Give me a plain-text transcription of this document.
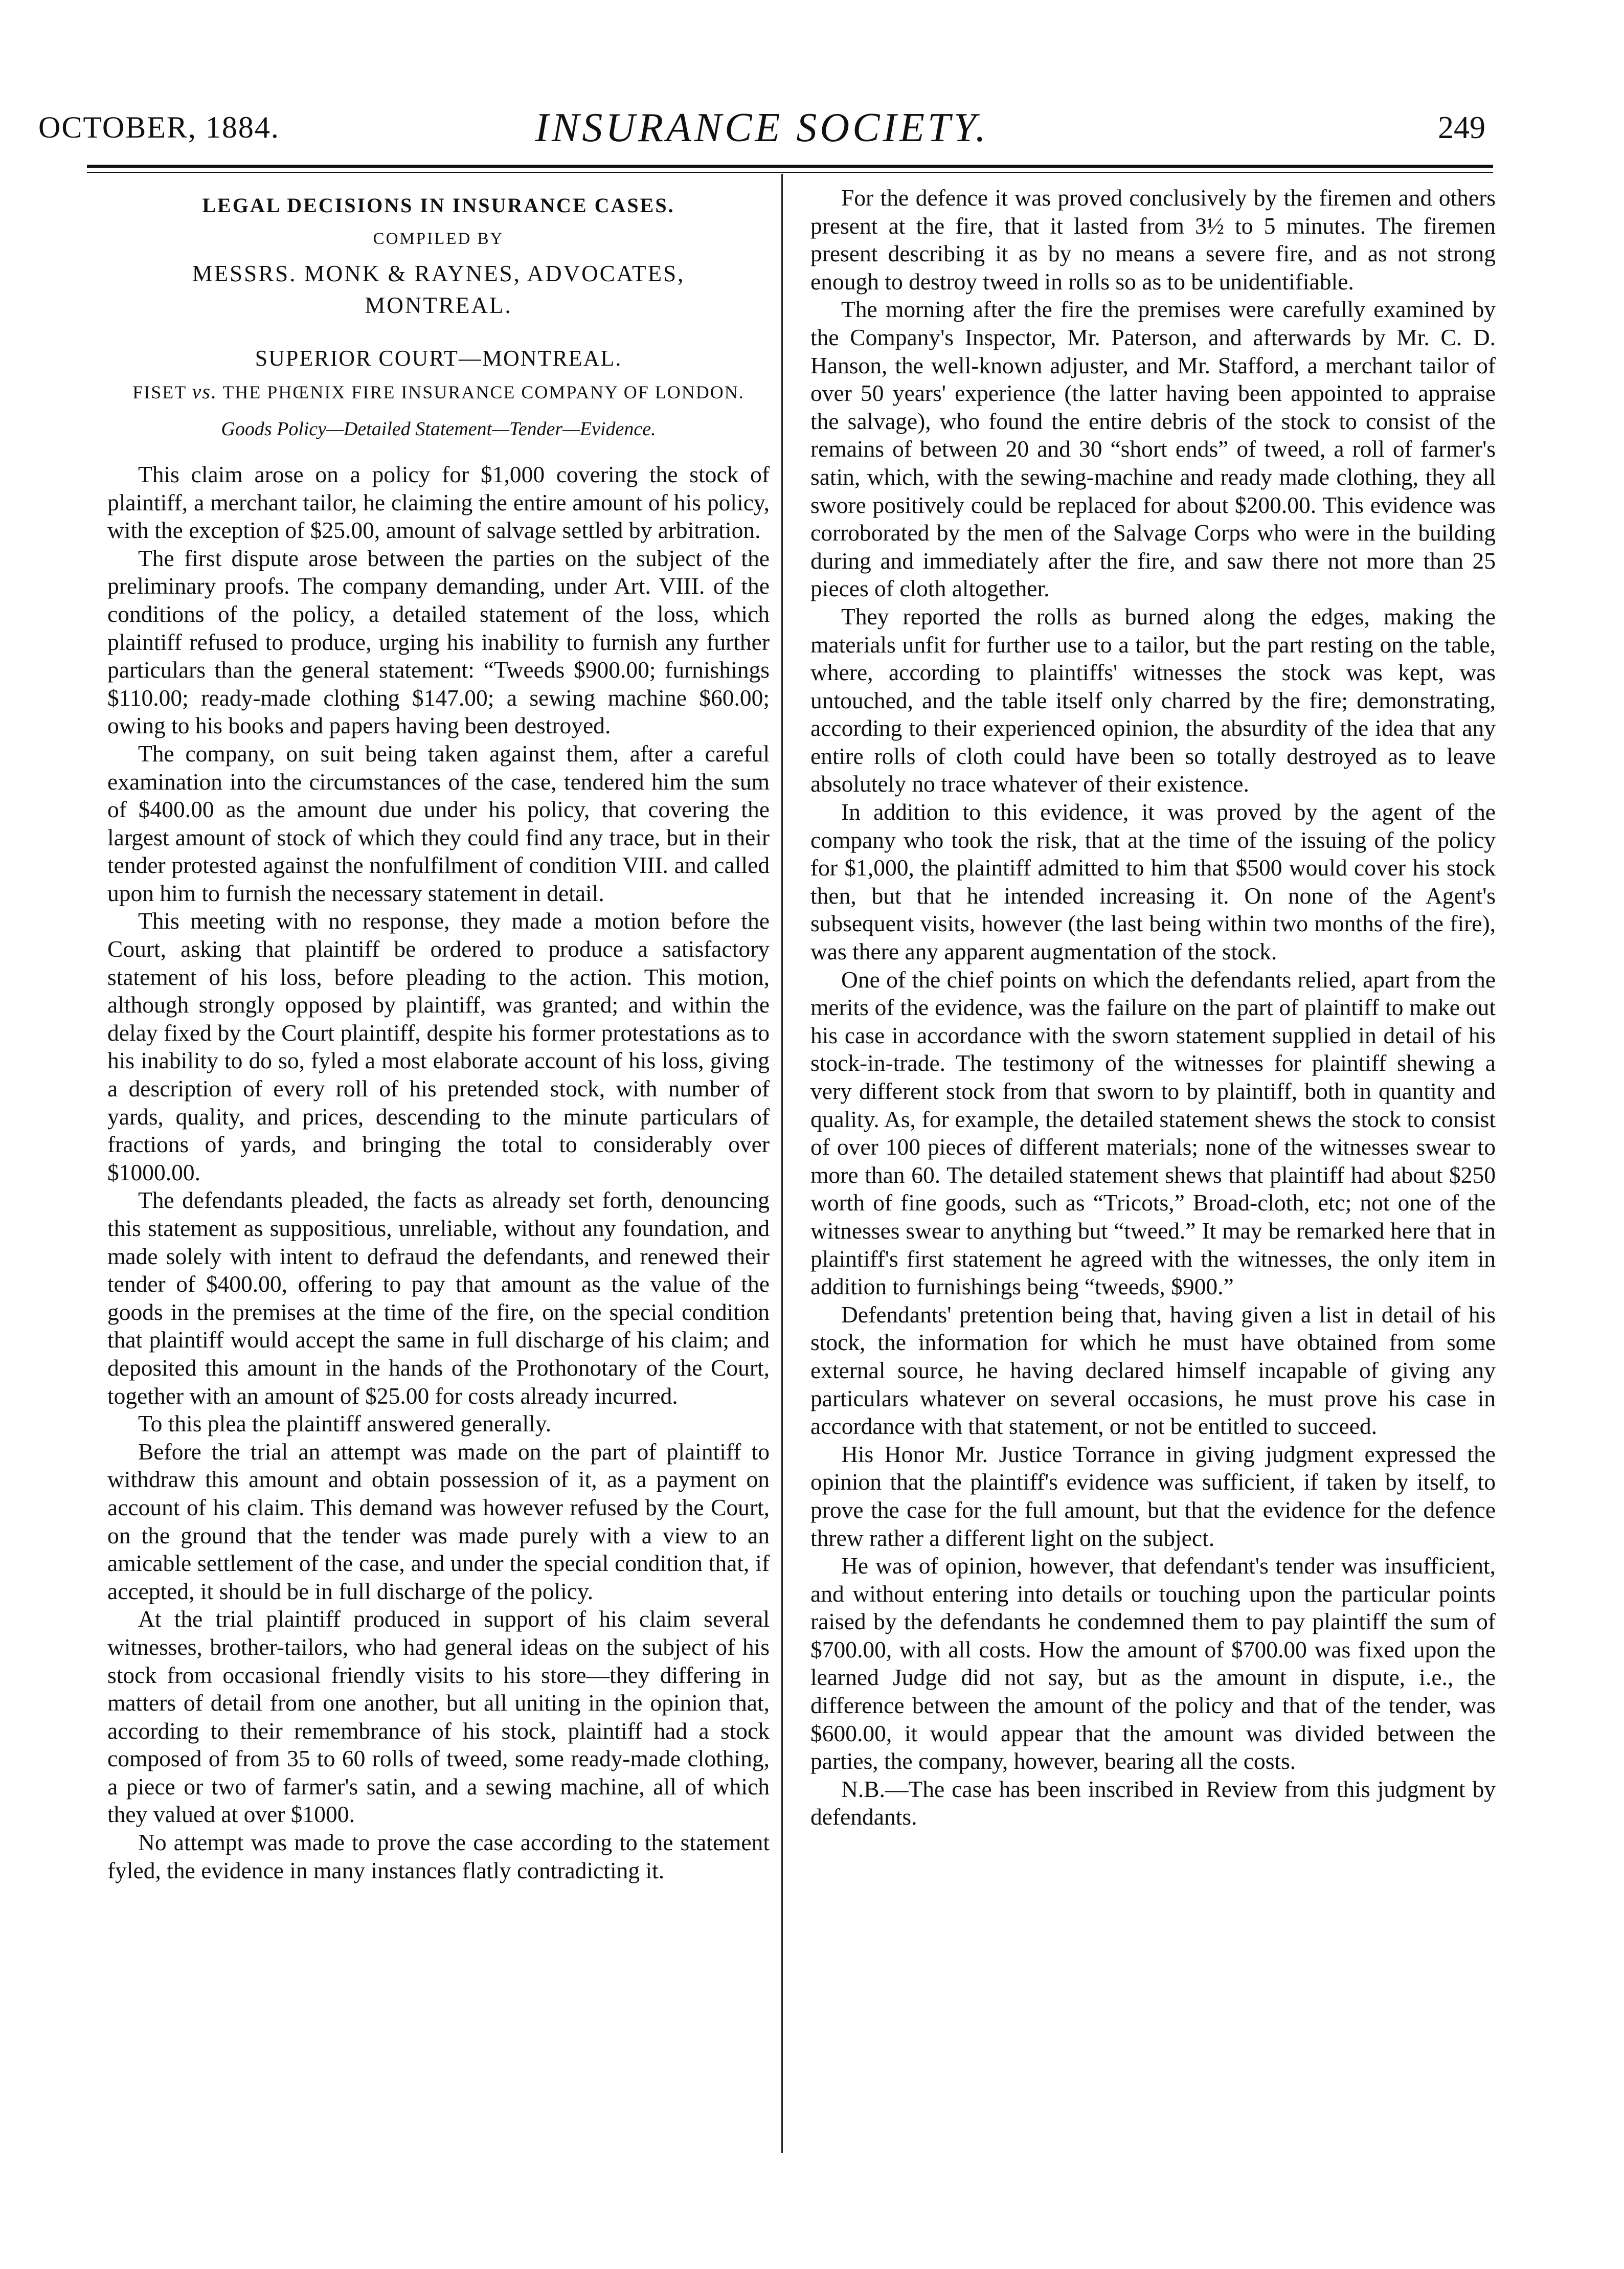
OCTOBER, 1884.	INSURANCE SOCIETY.	249
LEGAL DECISIONS IN INSURANCE CASES.
COMPILED BY
MESSRS. MONK & RAYNES, ADVOCATES,
MONTREAL.
SUPERIOR COURT—MONTREAL.
FISET vs. THE PHŒNIX FIRE INSURANCE COMPANY OF LONDON.
Goods Policy—Detailed Statement—Tender—Evidence.

This claim arose on a policy for $1,000 covering the stock of plaintiff, a merchant tailor, he claiming the entire amount of his policy, with the exception of $25.00, amount of salvage settled by arbitration.

The first dispute arose between the parties on the subject of the preliminary proofs. The company demanding, under Art. VIII. of the conditions of the policy, a detailed statement of the loss, which plaintiff refused to produce, urging his inability to furnish any further particulars than the general statement: “Tweeds $900.00; furnishings $110.00; ready-made clothing $147.00; a sewing machine $60.00; owing to his books and papers having been destroyed.

The company, on suit being taken against them, after a careful examination into the circumstances of the case, tendered him the sum of $400.00 as the amount due under his policy, that covering the largest amount of stock of which they could find any trace, but in their tender protested against the nonfulfilment of condition VIII. and called upon him to furnish the necessary statement in detail.

This meeting with no response, they made a motion before the Court, asking that plaintiff be ordered to produce a satisfactory statement of his loss, before pleading to the action. This motion, although strongly opposed by plaintiff, was granted; and within the delay fixed by the Court plaintiff, despite his former protestations as to his inability to do so, fyled a most elaborate account of his loss, giving a description of every roll of his pretended stock, with number of yards, quality, and prices, descending to the minute particulars of fractions of yards, and bringing the total to considerably over $1000.00.

The defendants pleaded, the facts as already set forth, denouncing this statement as suppositious, unreliable, without any foundation, and made solely with intent to defraud the defendants, and renewed their tender of $400.00, offering to pay that amount as the value of the goods in the premises at the time of the fire, on the special condition that plaintiff would accept the same in full discharge of his claim; and deposited this amount in the hands of the Prothonotary of the Court, together with an amount of $25.00 for costs already incurred.

To this plea the plaintiff answered generally.

Before the trial an attempt was made on the part of plaintiff to withdraw this amount and obtain possession of it, as a payment on account of his claim. This demand was however refused by the Court, on the ground that the tender was made purely with a view to an amicable settlement of the case, and under the special condition that, if accepted, it should be in full discharge of the policy.

At the trial plaintiff produced in support of his claim several witnesses, brother-tailors, who had general ideas on the subject of his stock from occasional friendly visits to his store—they differing in matters of detail from one another, but all uniting in the opinion that, according to their remembrance of his stock, plaintiff had a stock composed of from 35 to 60 rolls of tweed, some ready-made clothing, a piece or two of farmer's satin, and a sewing machine, all of which they valued at over $1000.

No attempt was made to prove the case according to the statement fyled, the evidence in many instances flatly contradicting it.

For the defence it was proved conclusively by the firemen and others present at the fire, that it lasted from 3½ to 5 minutes. The firemen present describing it as by no means a severe fire, and as not strong enough to destroy tweed in rolls so as to be unidentifiable.

The morning after the fire the premises were carefully examined by the Company's Inspector, Mr. Paterson, and afterwards by Mr. C. D. Hanson, the well-known adjuster, and Mr. Stafford, a merchant tailor of over 50 years' experience (the latter having been appointed to appraise the salvage), who found the entire debris of the stock to consist of the remains of between 20 and 30 “short ends” of tweed, a roll of farmer's satin, which, with the sewing-machine and ready made clothing, they all swore positively could be replaced for about $200.00. This evidence was corroborated by the men of the Salvage Corps who were in the building during and immediately after the fire, and saw there not more than 25 pieces of cloth altogether.

They reported the rolls as burned along the edges, making the materials unfit for further use to a tailor, but the part resting on the table, where, according to plaintiffs' witnesses the stock was kept, was untouched, and the table itself only charred by the fire; demonstrating, according to their experienced opinion, the absurdity of the idea that any entire rolls of cloth could have been so totally destroyed as to leave absolutely no trace whatever of their existence.

In addition to this evidence, it was proved by the agent of the company who took the risk, that at the time of the issuing of the policy for $1,000, the plaintiff admitted to him that $500 would cover his stock then, but that he intended increasing it. On none of the Agent's subsequent visits, however (the last being within two months of the fire), was there any apparent augmentation of the stock.

One of the chief points on which the defendants relied, apart from the merits of the evidence, was the failure on the part of plaintiff to make out his case in accordance with the sworn statement supplied in detail of his stock-in-trade. The testimony of the witnesses for plaintiff shewing a very different stock from that sworn to by plaintiff, both in quantity and quality. As, for example, the detailed statement shews the stock to consist of over 100 pieces of different materials; none of the witnesses swear to more than 60. The detailed statement shews that plaintiff had about $250 worth of fine goods, such as “Tricots,” Broad-cloth, etc; not one of the witnesses swear to anything but “tweed.” It may be remarked here that in plaintiff's first statement he agreed with the witnesses, the only item in addition to furnishings being “tweeds, $900.”

Defendants' pretention being that, having given a list in detail of his stock, the information for which he must have obtained from some external source, he having declared himself incapable of giving any particulars whatever on several occasions, he must prove his case in accordance with that statement, or not be entitled to succeed.

His Honor Mr. Justice Torrance in giving judgment expressed the opinion that the plaintiff's evidence was sufficient, if taken by itself, to prove the case for the full amount, but that the evidence for the defence threw rather a different light on the subject.

He was of opinion, however, that defendant's tender was insufficient, and without entering into details or touching upon the particular points raised by the defendants he condemned them to pay plaintiff the sum of $700.00, with all costs. How the amount of $700.00 was fixed upon the learned Judge did not say, but as the amount in dispute, i.e., the difference between the amount of the policy and that of the tender, was $600.00, it would appear that the amount was divided between the parties, the company, however, bearing all the costs.

N.B.—The case has been inscribed in Review from this judgment by defendants.
